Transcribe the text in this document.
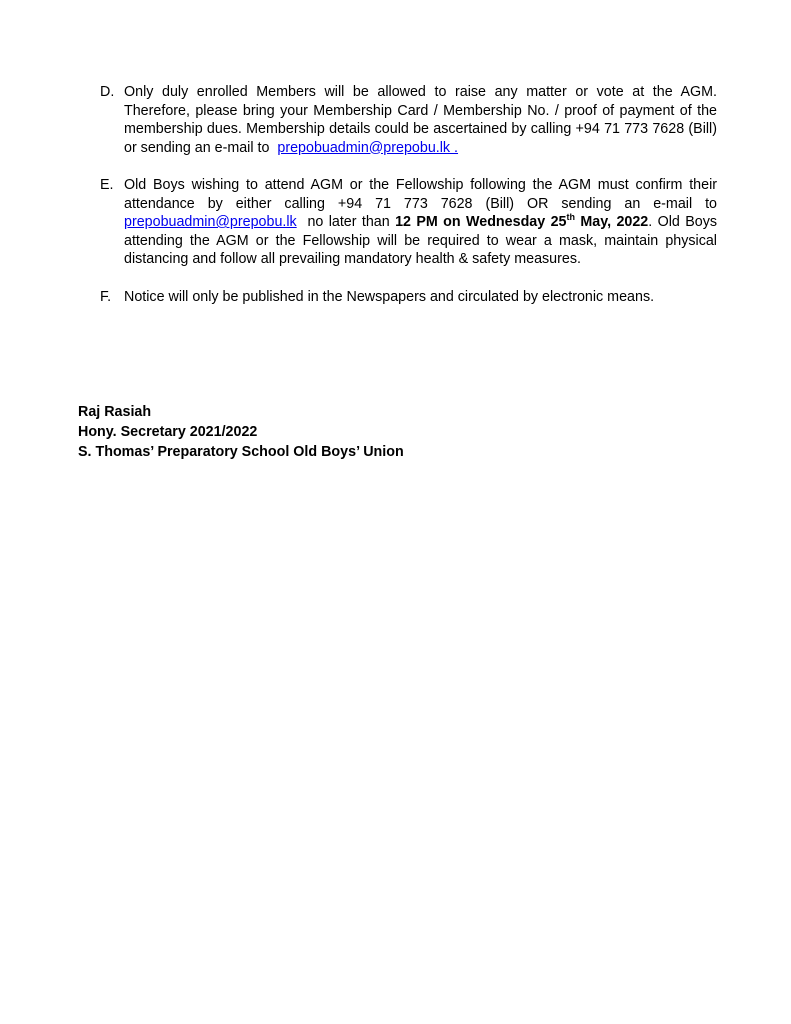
D. Only duly enrolled Members will be allowed to raise any matter or vote at the AGM. Therefore, please bring your Membership Card / Membership No. / proof of payment of the membership dues. Membership details could be ascertained by calling +94 71 773 7628 (Bill) or sending an e-mail to prepobuadmin@prepobu.lk .
E. Old Boys wishing to attend AGM or the Fellowship following the AGM must confirm their attendance by either calling +94 71 773 7628 (Bill) OR sending an e-mail to prepobuadmin@prepobu.lk no later than 12 PM on Wednesday 25th May, 2022. Old Boys attending the AGM or the Fellowship will be required to wear a mask, maintain physical distancing and follow all prevailing mandatory health & safety measures.
F. Notice will only be published in the Newspapers and circulated by electronic means.
Raj Rasiah
Hony. Secretary 2021/2022
S. Thomas’ Preparatory School Old Boys’ Union
